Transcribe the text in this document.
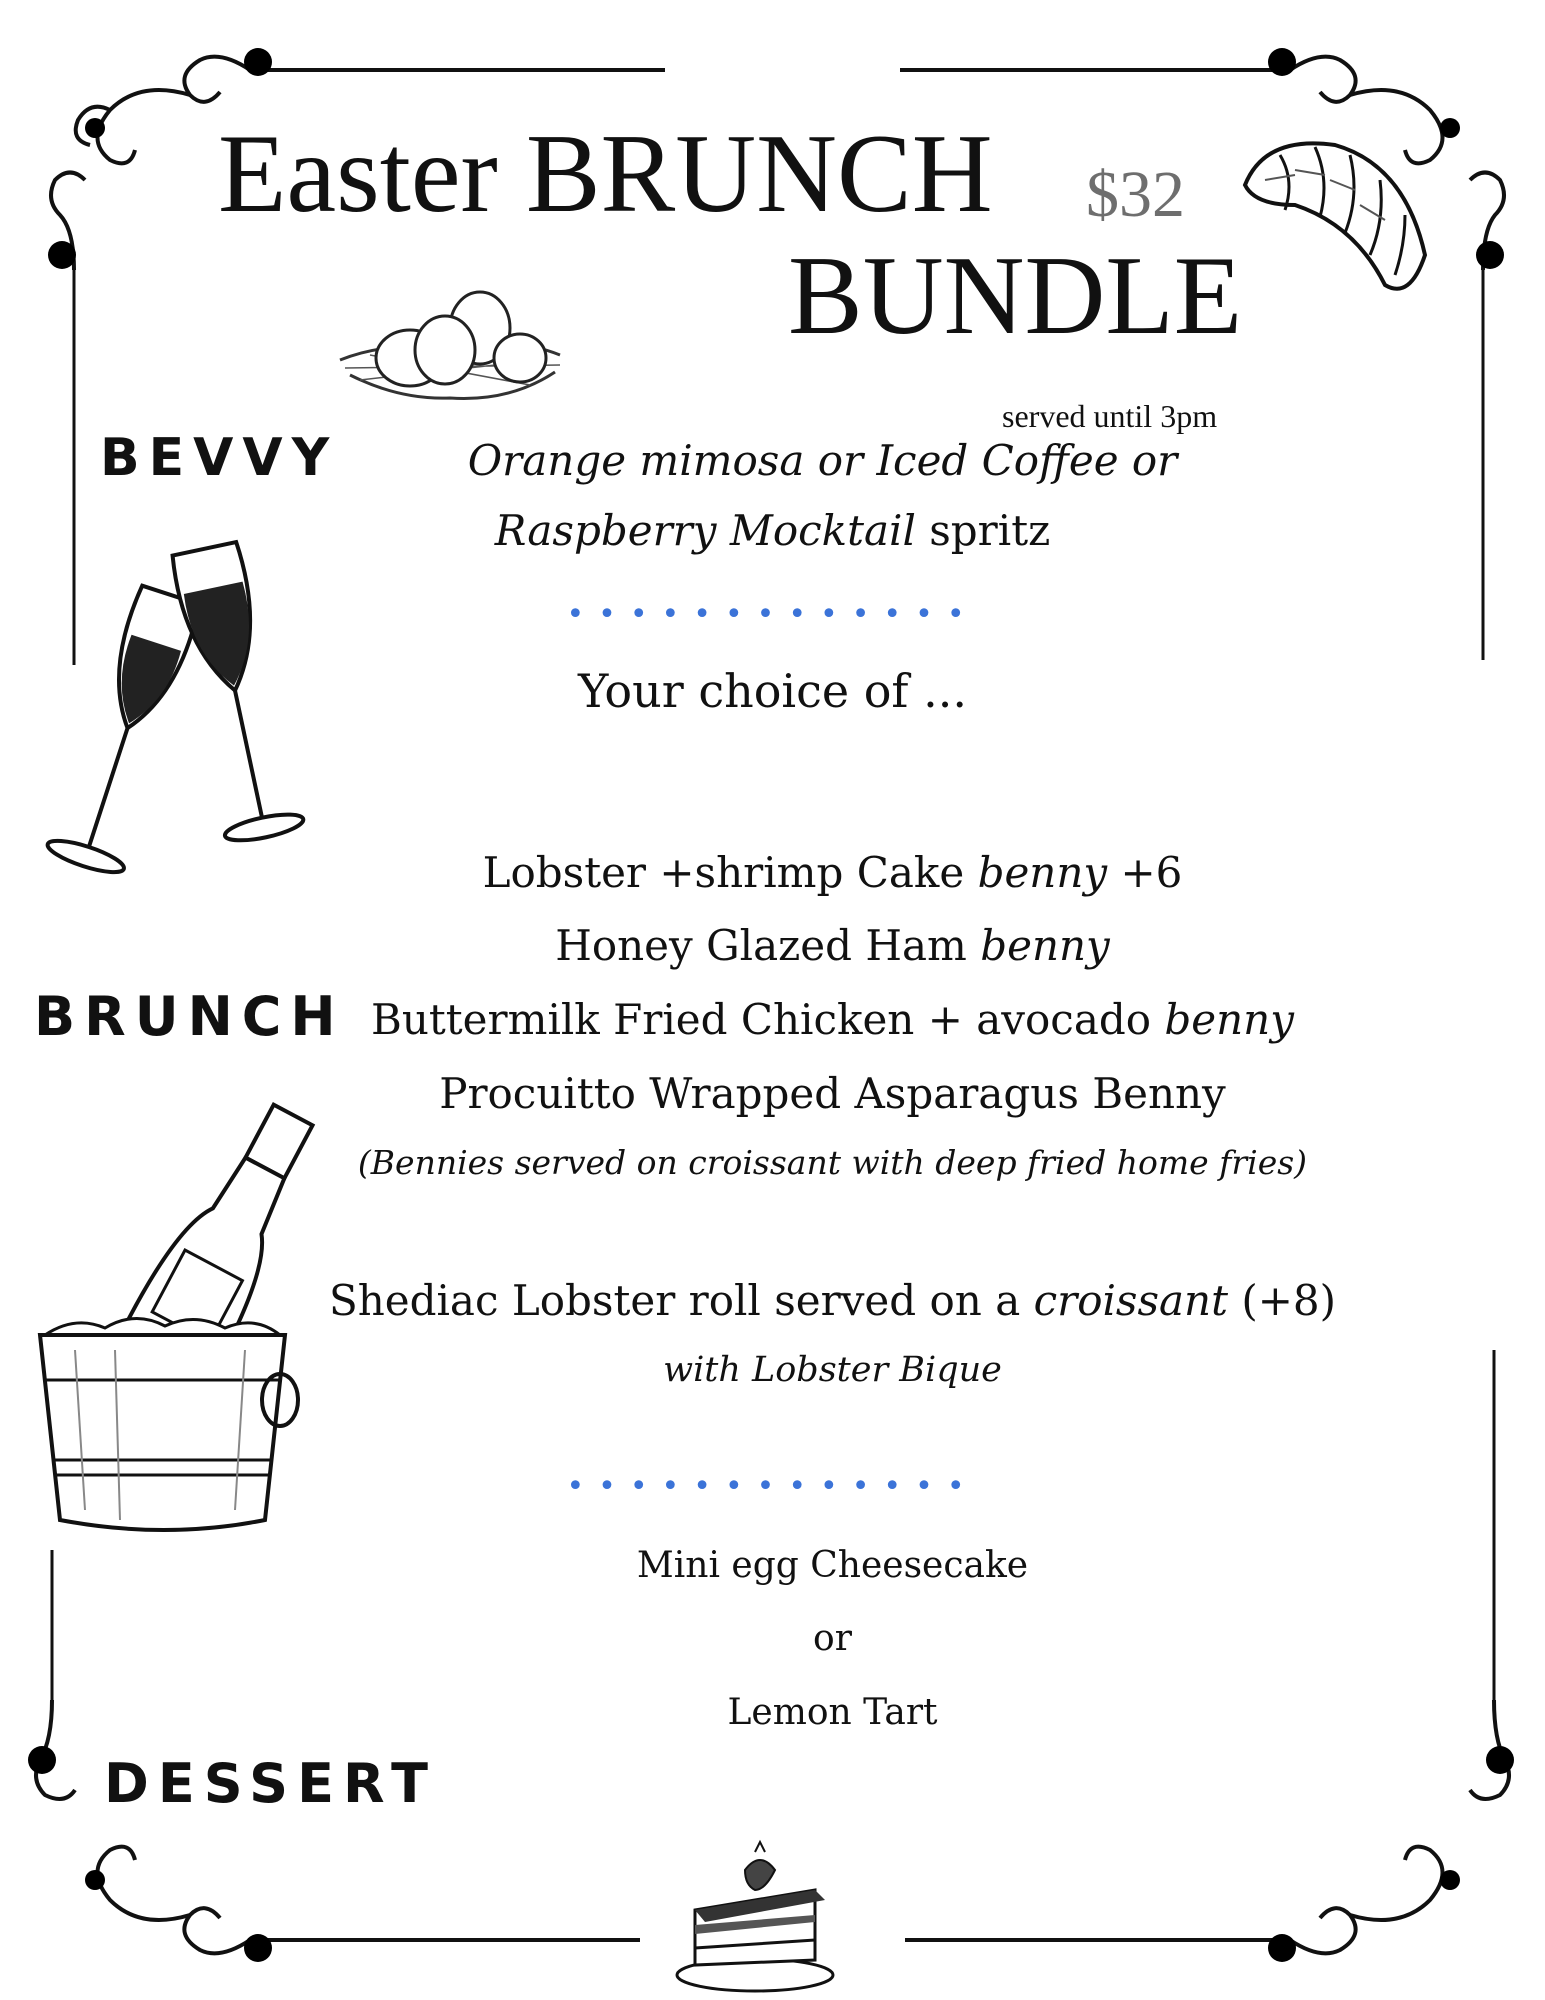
Easter BRUNCH $32
BUNDLE
served until 3pm
BEVVY	Orange mimosa or Iced Coffee or
Raspberry Mocktail spritz
•••••••••••••
Your choice of ...
BRUNCH
Lobster +shrimp Cake benny +6
Honey Glazed Ham benny
Buttermilk Fried Chicken + avocado benny
Procuitto Wrapped Asparagus Benny
(Bennies served on croissant with deep fried home fries)
Shediac Lobster roll served on a croissant (+8)
with Lobster Bique
•••••••••••••
DESSERT
Mini egg Cheesecake
or
Lemon Tart
